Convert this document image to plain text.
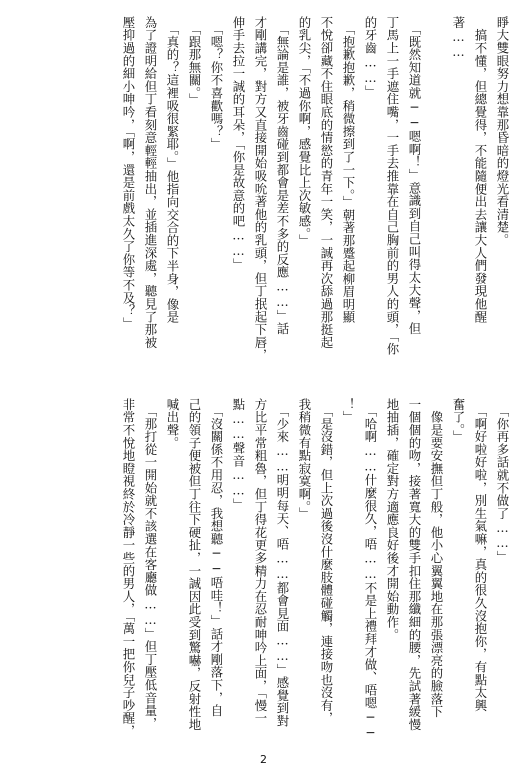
睜大雙眼努力想靠那昏暗的燈光看清楚。
　搞不懂，但總覺得，不能隨便出去讓大人們發現他醒
著……

　「既然知道就──嗯啊！」意識到自己叫得太大聲，但
丁馬上一手遮住嘴，一手去推靠在自己胸前的男人的頭，「你
的牙齒……」
　「抱歉抱歉，稍微擦到了一下。」朝著那蹙起柳眉明顯
不悅卻藏不住眼底的情慾的青年一笑，一誠再次舔過那挺起
的乳尖，「不過你啊，感覺比上次敏感。」
　「無論是誰，被牙齒碰到都會是差不多的反應……」話
才剛講完，對方又直接開始吸吮著他的乳頭，但丁抿起下唇，
伸手去拉一誠的耳朵，「你是故意的吧……」
　「嗯？你不喜歡嗎？」
　「跟那無關。」
　「真的？這裡吸很緊耶。」他指向交合的下半身，像是
為了證明給但丁看刻意輕輕抽出，並插進深處，聽見了那被
壓抑過的細小呻吟，「啊，還是前戲太久了你等不及？」
　「你再多話就不做了……」
　「啊好啦好啦，別生氣嘛，真的很久沒抱你，有點太興
奮了。」
　像是要安撫但丁般，他小心翼翼地在那張漂亮的臉落下
一個個的吻，接著寬大的雙手扣住那纖細的腰，先試著緩慢
地抽插，確定對方適應良好後才開始動作。
　「哈啊……什麼很久，唔……不是上禮拜才做、唔嗯──
！」
　「是沒錯，但上次過後沒什麼肢體碰觸，連接吻也沒有，
我稍微有點寂寞啊。」
　「少來……明明每天、唔……都會見面……」感覺到對
方比平常粗魯，但丁得花更多精力在忍耐呻吟上面，「慢一
點……聲音……」
　「沒關係不用忍，我想聽──唔哇！」話才剛落下，自
己的領子便被但丁往下硬扯，一誠因此受到驚嚇，反射性地
喊出聲。
　「那打從一開始就不該選在客廳做……」但丁壓低音量，
非常不悅地瞪視終於冷靜一些的男人，「萬一把你兒子吵醒，
2
